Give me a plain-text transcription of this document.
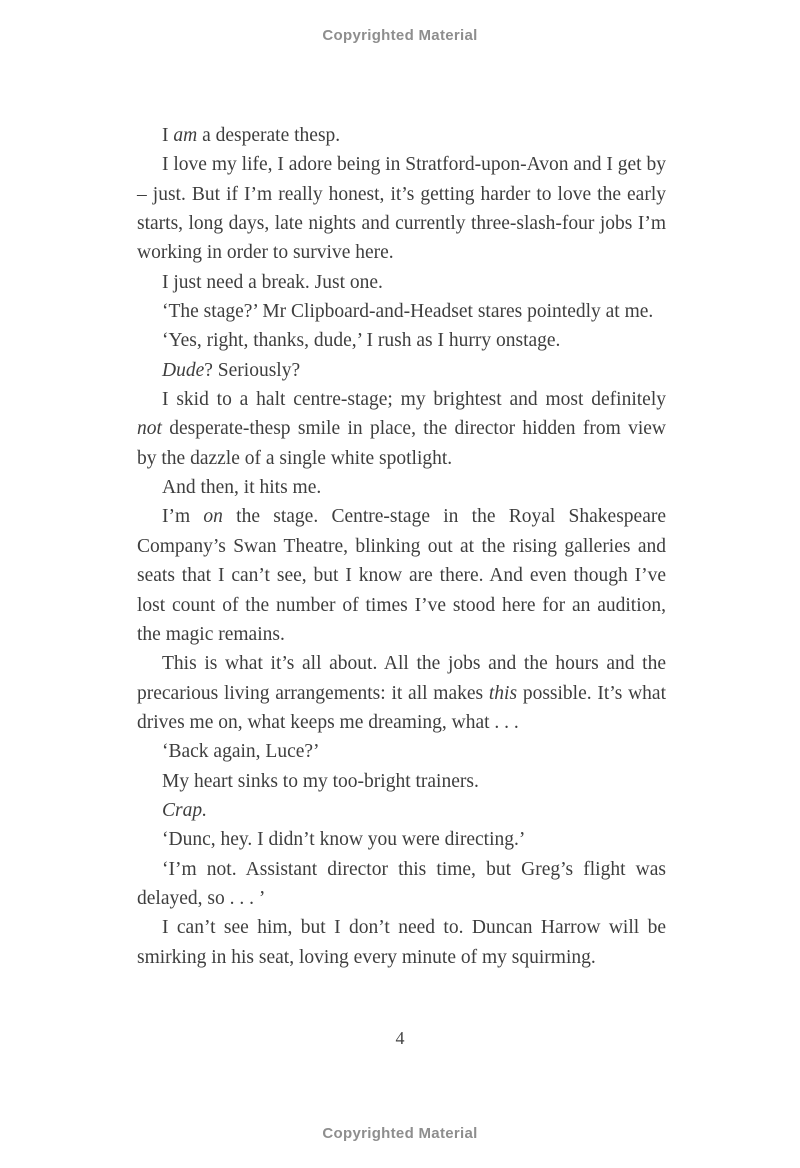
Copyrighted Material

I am a desperate thesp.

I love my life, I adore being in Stratford-upon-Avon and I get by – just. But if I’m really honest, it’s getting harder to love the early starts, long days, late nights and currently three-slash-four jobs I’m working in order to survive here.

I just need a break. Just one.

‘The stage?’ Mr Clipboard-and-Headset stares pointedly at me.

‘Yes, right, thanks, dude,’ I rush as I hurry onstage.

Dude? Seriously?

I skid to a halt centre-stage; my brightest and most definitely not desperate-thesp smile in place, the director hidden from view by the dazzle of a single white spotlight.

And then, it hits me.

I’m on the stage. Centre-stage in the Royal Shakespeare Company’s Swan Theatre, blinking out at the rising galleries and seats that I can’t see, but I know are there. And even though I’ve lost count of the number of times I’ve stood here for an audition, the magic remains.

This is what it’s all about. All the jobs and the hours and the precarious living arrangements: it all makes this possible. It’s what drives me on, what keeps me dreaming, what . . .

‘Back again, Luce?’

My heart sinks to my too-bright trainers.

Crap.

‘Dunc, hey. I didn’t know you were directing.’

‘I’m not. Assistant director this time, but Greg’s flight was delayed, so . . . ’

I can’t see him, but I don’t need to. Duncan Harrow will be smirking in his seat, loving every minute of my squirming.

4
Copyrighted Material
